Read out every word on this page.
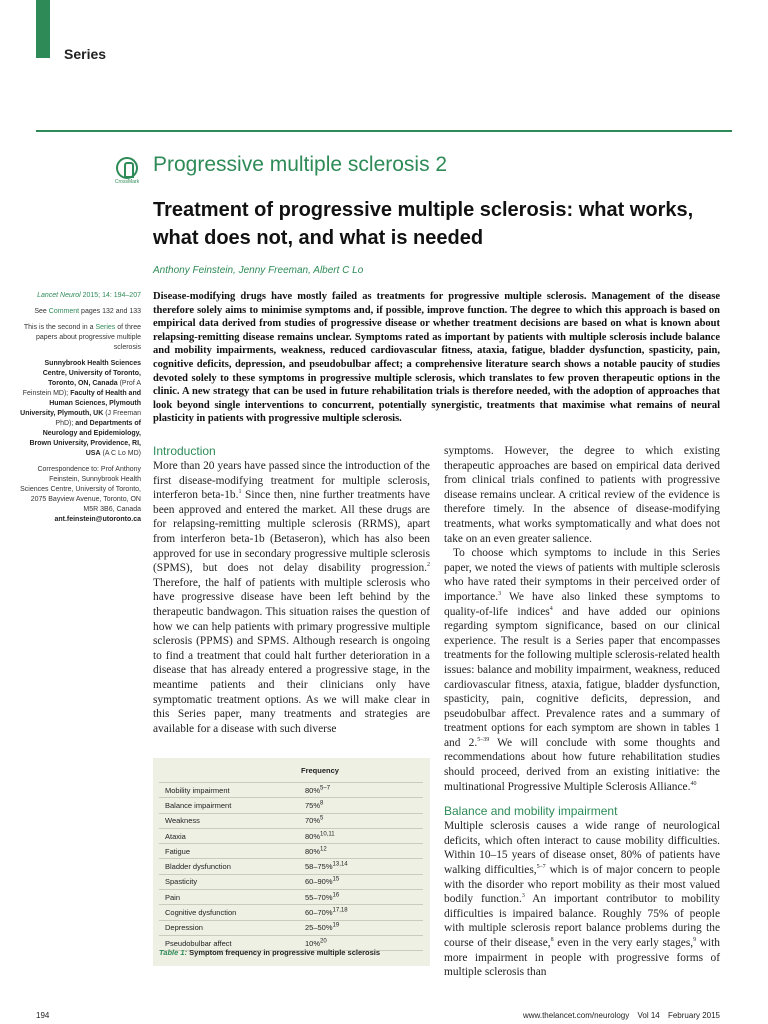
Series
CrossMark
Progressive multiple sclerosis 2
Treatment of progressive multiple sclerosis: what works, what does not, and what is needed
Anthony Feinstein, Jenny Freeman, Albert C Lo

Lancet Neurol 2015; 14: 194–207

See Comment pages 132 and 133

This is the second in a Series of three papers about progressive multiple sclerosis

Sunnybrook Health Sciences Centre, University of Toronto, Toronto, ON, Canada (Prof A Feinstein MD); Faculty of Health and Human Sciences, Plymouth University, Plymouth, UK (J Freeman PhD); and Departments of Neurology and Epidemiology, Brown University, Providence, RI, USA (A C Lo MD)

Correspondence to: Prof Anthony Feinstein, Sunnybrook Health Sciences Centre, University of Toronto, 2075 Bayview Avenue, Toronto, ON M5R 3B6, Canada
ant.feinstein@utoronto.ca

Disease-modifying drugs have mostly failed as treatments for progressive multiple sclerosis. Management of the disease therefore solely aims to minimise symptoms and, if possible, improve function. The degree to which this approach is based on empirical data derived from studies of progressive disease or whether treatment decisions are based on what is known about relapsing-remitting disease remains unclear. Symptoms rated as important by patients with multiple sclerosis include balance and mobility impairments, weakness, reduced cardiovascular fitness, ataxia, fatigue, bladder dysfunction, spasticity, pain, cognitive deficits, depression, and pseudobulbar affect; a comprehensive literature search shows a notable paucity of studies devoted solely to these symptoms in progressive multiple sclerosis, which translates to few proven therapeutic options in the clinic. A new strategy that can be used in future rehabilitation trials is therefore needed, with the adoption of approaches that look beyond single interventions to concurrent, potentially synergistic, treatments that maximise what remains of neural plasticity in patients with progressive multiple sclerosis.
Introduction

More than 20 years have passed since the introduction of the first disease-modifying treatment for multiple sclerosis, interferon beta-1b.$^1$ Since then, nine further treatments have been approved and entered the market. All these drugs are for relapsing-remitting multiple sclerosis (RRMS), apart from interferon beta-1b (Betaseron), which has also been approved for use in secondary progressive multiple sclerosis (SPMS), but does not delay disability progression.$^2$ Therefore, the half of patients with multiple sclerosis who have progressive disease have been left behind by the therapeutic bandwagon. This situation raises the question of how we can help patients with primary progressive multiple sclerosis (PPMS) and SPMS. Although research is ongoing to find a treatment that could halt further deterioration in a disease that has already entered a progressive stage, in the meantime patients and their clinicians only have symptomatic treatment options. As we will make clear in this Series paper, many treatments and strategies are available for a disease with such diverse

Frequency
Mobility impairment	80%$^{5-7}$
Balance impairment	75%$^8$
Weakness	70%$^5$
Ataxia	80%$^{10,11}$
Fatigue	80%$^{12}$
Bladder dysfunction	58–75%$^{13,14}$
Spasticity	60–90%$^{15}$
Pain	55–70%$^{16}$
Cognitive dysfunction	60–70%$^{17,18}$
Depression	25–50%$^{19}$
Pseudobulbar affect	10%$^{20}$
Table 1: Symptom frequency in progressive multiple sclerosis

symptoms. However, the degree to which existing therapeutic approaches are based on empirical data derived from clinical trials confined to patients with progressive disease remains unclear. A critical review of the evidence is therefore timely. In the absence of disease-modifying treatments, what works symptomatically and what does not take on an even greater salience.

To choose which symptoms to include in this Series paper, we noted the views of patients with multiple sclerosis who have rated their symptoms in their perceived order of importance.$^3$ We have also linked these symptoms to quality-of-life indices$^4$ and have added our opinions regarding symptom significance, based on our clinical experience. The result is a Series paper that encompasses treatments for the following multiple sclerosis-related health issues: balance and mobility impairment, weakness, reduced cardiovascular fitness, ataxia, fatigue, bladder dysfunction, spasticity, pain, cognitive deficits, depression, and pseudobulbar affect. Prevalence rates and a summary of treatment options for each symptom are shown in tables 1 and 2.$^{5-39}$ We will conclude with some thoughts and recommendations about how future rehabilitation studies should proceed, derived from an existing initiative: the multinational Progressive Multiple Sclerosis Alliance.$^{40}$

Balance and mobility impairment

Multiple sclerosis causes a wide range of neurological deficits, which often interact to cause mobility difficulties. Within 10–15 years of disease onset, 80% of patients have walking difficulties,$^{5-7}$ which is of major concern to people with the disorder who report mobility as their most valued bodily function.$^3$ An important contributor to mobility difficulties is impaired balance. Roughly 75% of people with multiple sclerosis report balance problems during the course of their disease,$^8$ even in the very early stages,$^9$ with more impairment in people with progressive forms of multiple sclerosis than

194	www.thelancet.com/neurology Vol 14 February 2015
